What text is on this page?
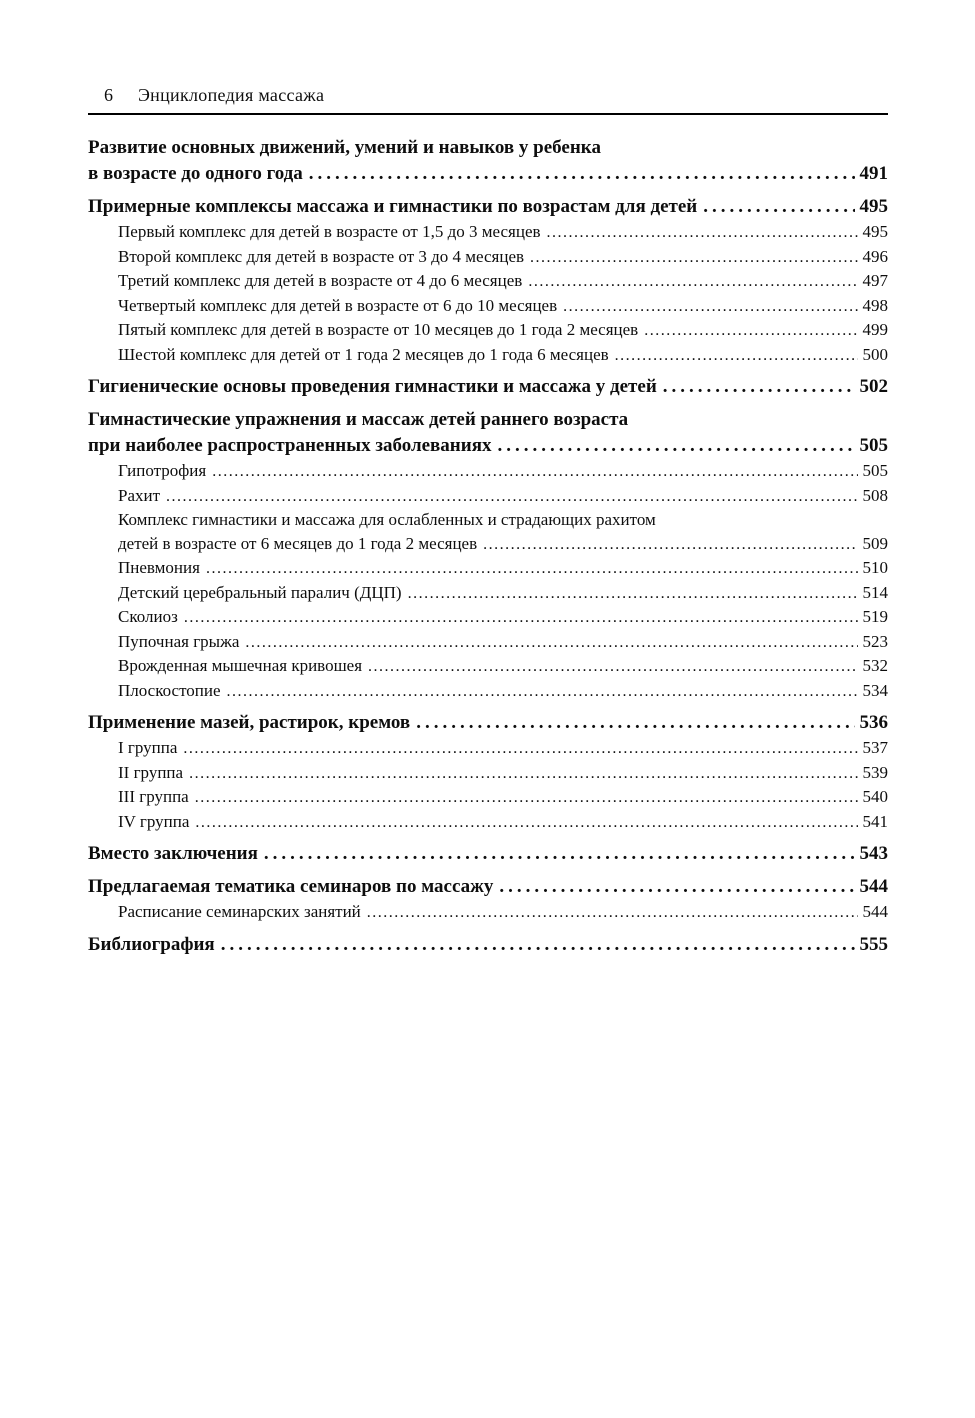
6 Энциклопедия массажа
Развитие основных движений, умений и навыков у ребенка
в возрасте до одного года .....	491
Примерные комплексы массажа и гимнастики по возрастам для детей .....	495
Первый комплекс для детей в возрасте от 1,5 до 3 месяцев .....	495
Второй комплекс для детей в возрасте от 3 до 4 месяцев .....	496
Третий комплекс для детей в возрасте от 4 до 6 месяцев .....	497
Четвертый комплекс для детей в возрасте от 6 до 10 месяцев .....	498
Пятый комплекс для детей в возрасте от 10 месяцев до 1 года 2 месяцев .....	499
Шестой комплекс для детей от 1 года 2 месяцев до 1 года 6 месяцев .....	500
Гигиенические основы проведения гимнастики и массажа у детей .....	502
Гимнастические упражнения и массаж детей раннего возраста
при наиболее распространенных заболеваниях .....	505
Гипотрофия .....	505
Рахит .....	508
Комплекс гимнастики и массажа для ослабленных и страдающих рахитом
детей в возрасте от 6 месяцев до 1 года 2 месяцев .....	509
Пневмония .....	510
Детский церебральный паралич (ДЦП) .....	514
Сколиоз .....	519
Пупочная грыжа .....	523
Врожденная мышечная кривошея .....	532
Плоскостопие .....	534
Применение мазей, растирок, кремов .....	536
I группа .....	537
II группа .....	539
III группа .....	540
IV группа .....	541
Вместо заключения .....	543
Предлагаемая тематика семинаров по массажу .....	544
Расписание семинарских занятий .....	544
Библиография .....	555
